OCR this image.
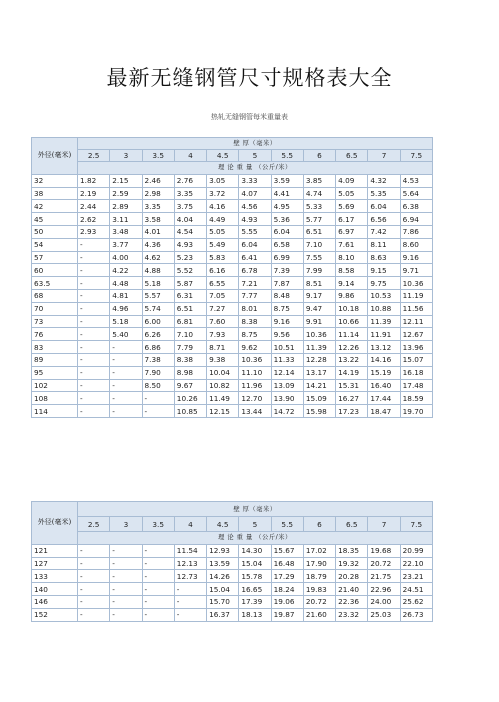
最新无缝钢管尺寸规格表大全
热轧无缝钢管每米重量表
外径(毫米)	壁 厚（毫米）										
	2.5	3	3.5	4	4.5	5	5.5	6	6.5	7	7.5
	理 论 重 量 （公斤/米）										
32	1.82	2.15	2.46	2.76	3.05	3.33	3.59	3.85	4.09	4.32	4.53
38	2.19	2.59	2.98	3.35	3.72	4.07	4.41	4.74	5.05	5.35	5.64
42	2.44	2.89	3.35	3.75	4.16	4.56	4.95	5.33	5.69	6.04	6.38
45	2.62	3.11	3.58	4.04	4.49	4.93	5.36	5.77	6.17	6.56	6.94
50	2.93	3.48	4.01	4.54	5.05	5.55	6.04	6.51	6.97	7.42	7.86
54	-	3.77	4.36	4.93	5.49	6.04	6.58	7.10	7.61	8.11	8.60
57	-	4.00	4.62	5.23	5.83	6.41	6.99	7.55	8.10	8.63	9.16
60	-	4.22	4.88	5.52	6.16	6.78	7.39	7.99	8.58	9.15	9.71
63.5	-	4.48	5.18	5.87	6.55	7.21	7.87	8.51	9.14	9.75	10.36
68	-	4.81	5.57	6.31	7.05	7.77	8.48	9.17	9.86	10.53	11.19
70	-	4.96	5.74	6.51	7.27	8.01	8.75	9.47	10.18	10.88	11.56
73	-	5.18	6.00	6.81	7.60	8.38	9.16	9.91	10.66	11.39	12.11
76	-	5.40	6.26	7.10	7.93	8.75	9.56	10.36	11.14	11.91	12.67
83	-	-	6.86	7.79	8.71	9.62	10.51	11.39	12.26	13.12	13.96
89	-	-	7.38	8.38	9.38	10.36	11.33	12.28	13.22	14.16	15.07
95	-	-	7.90	8.98	10.04	11.10	12.14	13.17	14.19	15.19	16.18
102	-	-	8.50	9.67	10.82	11.96	13.09	14.21	15.31	16.40	17.48
108	-	-	-	10.26	11.49	12.70	13.90	15.09	16.27	17.44	18.59
114	-	-	-	10.85	12.15	13.44	14.72	15.98	17.23	18.47	19.70
外径(毫米)	壁 厚（毫米）										
	2.5	3	3.5	4	4.5	5	5.5	6	6.5	7	7.5
	理 论 重 量 （公斤/米）										
121	-	-	-	11.54	12.93	14.30	15.67	17.02	18.35	19.68	20.99
127	-	-	-	12.13	13.59	15.04	16.48	17.90	19.32	20.72	22.10
133	-	-	-	12.73	14.26	15.78	17.29	18.79	20.28	21.75	23.21
140	-	-	-	-	15.04	16.65	18.24	19.83	21.40	22.96	24.51
146	-	-	-	-	15.70	17.39	19.06	20.72	22.36	24.00	25.62
152	-	-	-	-	16.37	18.13	19.87	21.60	23.32	25.03	26.73
